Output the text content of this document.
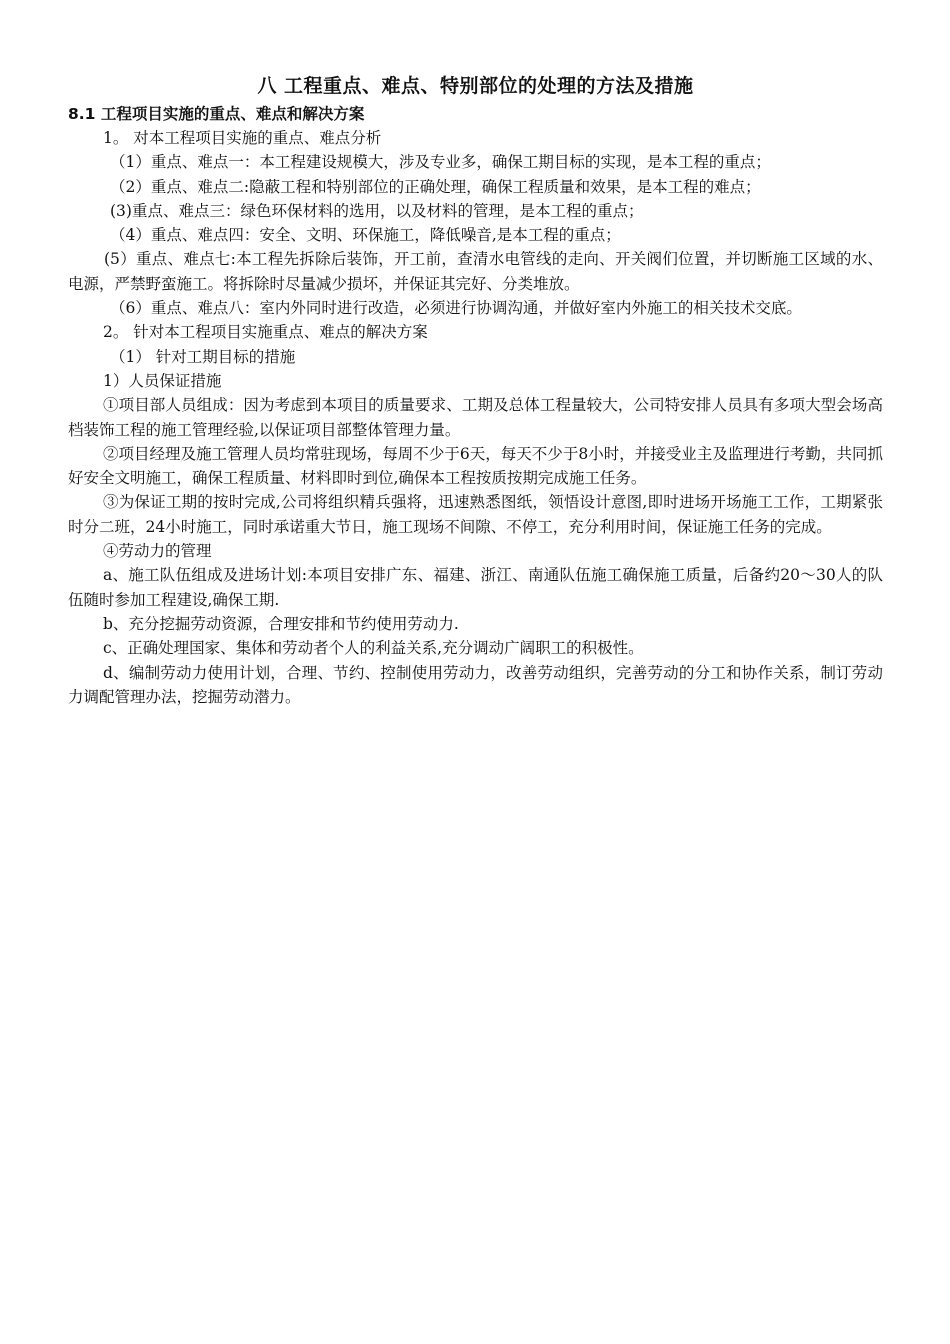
八 工程重点、难点、特别部位的处理的方法及措施
8.1 工程项目实施的重点、难点和解决方案

1。 对本工程项目实施的重点、难点分析

（1）重点、难点一：本工程建设规模大，涉及专业多，确保工期目标的实现，是本工程的重点；

（2）重点、难点二:隐蔽工程和特别部位的正确处理，确保工程质量和效果，是本工程的难点；

(3)重点、难点三：绿色环保材料的选用，以及材料的管理，是本工程的重点；

（4）重点、难点四：安全、文明、环保施工，降低噪音,是本工程的重点；

(5）重点、难点七:本工程先拆除后装饰，开工前，查清水电管线的走向、开关阀们位置，并切断施工区域的水、电源，严禁野蛮施工。将拆除时尽量减少损坏，并保证其完好、分类堆放。

（6）重点、难点八：室内外同时进行改造，必须进行协调沟通，并做好室内外施工的相关技术交底。

2。 针对本工程项目实施重点、难点的解决方案

（1） 针对工期目标的措施

1）人员保证措施

①项目部人员组成：因为考虑到本项目的质量要求、工期及总体工程量较大，公司特安排人员具有多项大型会场高档装饰工程的施工管理经验,以保证项目部整体管理力量。

②项目经理及施工管理人员均常驻现场，每周不少于6天，每天不少于8小时，并接受业主及监理进行考勤，共同抓好安全文明施工，确保工程质量、材料即时到位,确保本工程按质按期完成施工任务。

③为保证工期的按时完成,公司将组织精兵强将，迅速熟悉图纸，领悟设计意图,即时进场开场施工工作，工期紧张时分二班，24小时施工，同时承诺重大节日，施工现场不间隙、不停工，充分利用时间，保证施工任务的完成。

④劳动力的管理

a、施工队伍组成及进场计划:本项目安排广东、福建、浙江、南通队伍施工确保施工质量，后备约20～30人的队伍随时参加工程建设,确保工期.

b、充分挖掘劳动资源，合理安排和节约使用劳动力.

c、正确处理国家、集体和劳动者个人的利益关系,充分调动广阔职工的积极性。

d、编制劳动力使用计划，合理、节约、控制使用劳动力，改善劳动组织，完善劳动的分工和协作关系，制订劳动力调配管理办法，挖掘劳动潜力。
